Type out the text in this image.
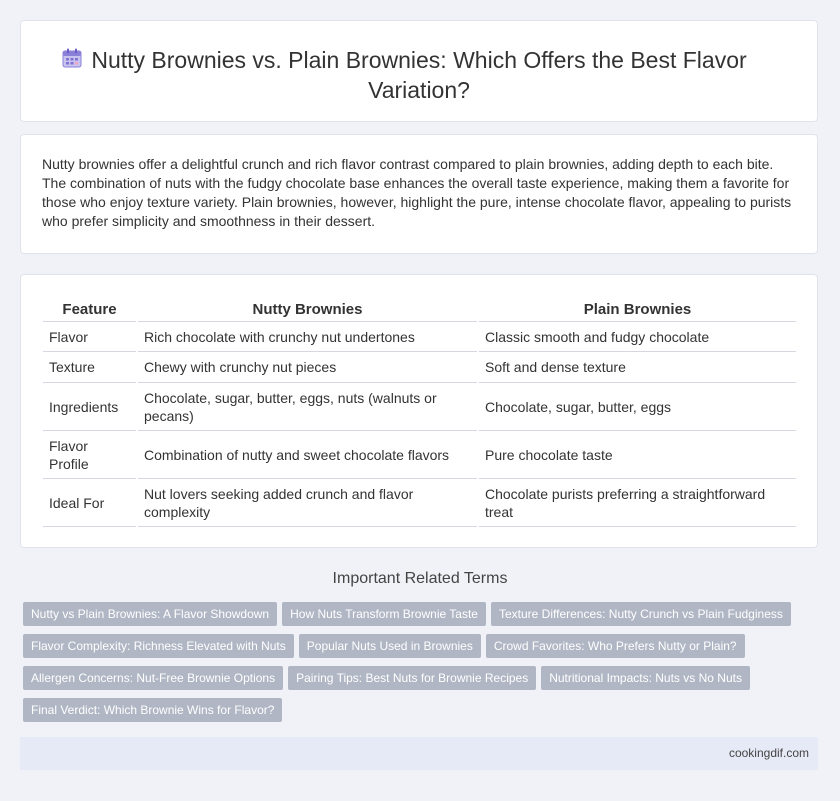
Nutty Brownies vs. Plain Brownies: Which Offers the Best Flavor Variation?

Nutty brownies offer a delightful crunch and rich flavor contrast compared to plain brownies, adding depth to each bite. The combination of nuts with the fudgy chocolate base enhances the overall taste experience, making them a favorite for those who enjoy texture variety. Plain brownies, however, highlight the pure, intense chocolate flavor, appealing to purists who prefer simplicity and smoothness in their dessert.

Feature	Nutty Brownies	Plain Brownies
Flavor	Rich chocolate with crunchy nut undertones	Classic smooth and fudgy chocolate
Texture	Chewy with crunchy nut pieces	Soft and dense texture
Ingredients	Chocolate, sugar, butter, eggs, nuts (walnuts or pecans)	Chocolate, sugar, butter, eggs
Flavor Profile	Combination of nutty and sweet chocolate flavors	Pure chocolate taste
Ideal For	Nut lovers seeking added crunch and flavor complexity	Chocolate purists preferring a straightforward treat
Important Related Terms
Nutty vs Plain Brownies: A Flavor Showdown How Nuts Transform Brownie Taste Texture Differences: Nutty Crunch vs Plain Fudginess
Flavor Complexity: Richness Elevated with Nuts Popular Nuts Used in Brownies Crowd Favorites: Who Prefers Nutty or Plain?
Allergen Concerns: Nut-Free Brownie Options Pairing Tips: Best Nuts for Brownie Recipes Nutritional Impacts: Nuts vs No Nuts
Final Verdict: Which Brownie Wins for Flavor?
cookingdif.com
